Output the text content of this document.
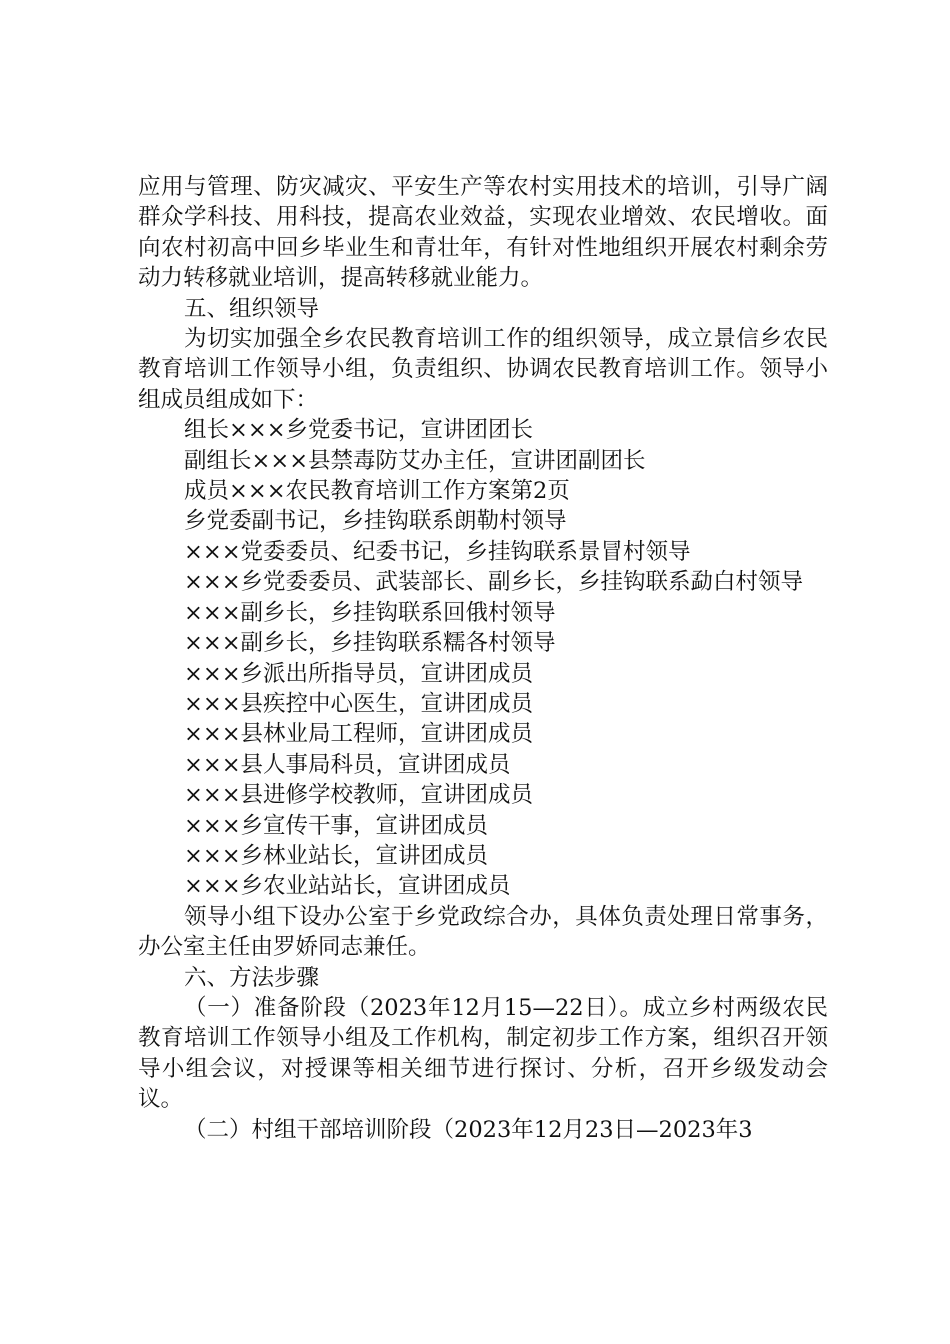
应用与管理、防灾减灾、平安生产等农村实用技术的培训，引导广阔群众学科技、用科技，提高农业效益，实现农业增效、农民增收。面向农村初高中回乡毕业生和青壮年，有针对性地组织开展农村剩余劳动力转移就业培训，提高转移就业能力。

五、组织领导

为切实加强全乡农民教育培训工作的组织领导，成立景信乡农民教育培训工作领导小组，负责组织、协调农民教育培训工作。领导小组成员组成如下：

组长×××乡党委书记，宣讲团团长

副组长×××县禁毒防艾办主任，宣讲团副团长

成员×××农民教育培训工作方案第2页

乡党委副书记，乡挂钩联系朗勒村领导

×××党委委员、纪委书记，乡挂钩联系景冒村领导

×××乡党委委员、武装部长、副乡长，乡挂钩联系勐白村领导

×××副乡长，乡挂钩联系回俄村领导

×××副乡长，乡挂钩联系糯各村领导

×××乡派出所指导员，宣讲团成员

×××县疾控中心医生，宣讲团成员

×××县林业局工程师，宣讲团成员

×××县人事局科员，宣讲团成员

×××县进修学校教师，宣讲团成员

×××乡宣传干事，宣讲团成员

×××乡林业站长，宣讲团成员

×××乡农业站站长，宣讲团成员

领导小组下设办公室于乡党政综合办，具体负责处理日常事务，办公室主任由罗娇同志兼任。

六、方法步骤

（一）准备阶段（2023年12月15—22日）。成立乡村两级农民教育培训工作领导小组及工作机构，制定初步工作方案，组织召开领导小组会议，对授课等相关细节进行探讨、分析，召开乡级发动会议。

（二）村组干部培训阶段（2023年12月23日—2023年3
